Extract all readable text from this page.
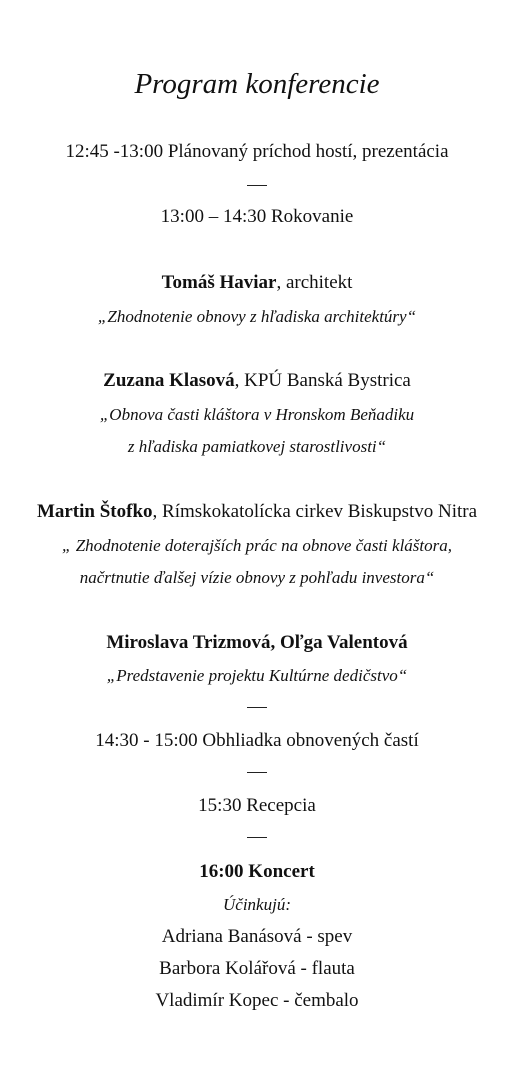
Program konferencie
12:45 -13:00 Plánovaný príchod hostí, prezentácia
13:00 – 14:30 Rokovanie
Tomáš Haviar, architekt
„Zhodnotenie obnovy z hľadiska architektúry“
Zuzana Klasová, KPÚ Banská Bystrica
„Obnova časti kláštora v Hronskom Beňadiku
z hľadiska pamiatkovej starostlivosti“
Martin Štofko, Rímskokatolícka cirkev Biskupstvo Nitra
„ Zhodnotenie doterajších prác na obnove časti kláštora,
načrtnutie ďalšej vízie obnovy z pohľadu investora“
Miroslava Trizmová, Oľga Valentová
„Predstavenie projektu Kultúrne dedičstvo“
14:30 - 15:00 Obhliadka obnovených častí
15:30 Recepcia
16:00 Koncert
Účinkujú:
Adriana Banásová - spev
Barbora Kolářová - flauta
Vladimír Kopec - čembalo
